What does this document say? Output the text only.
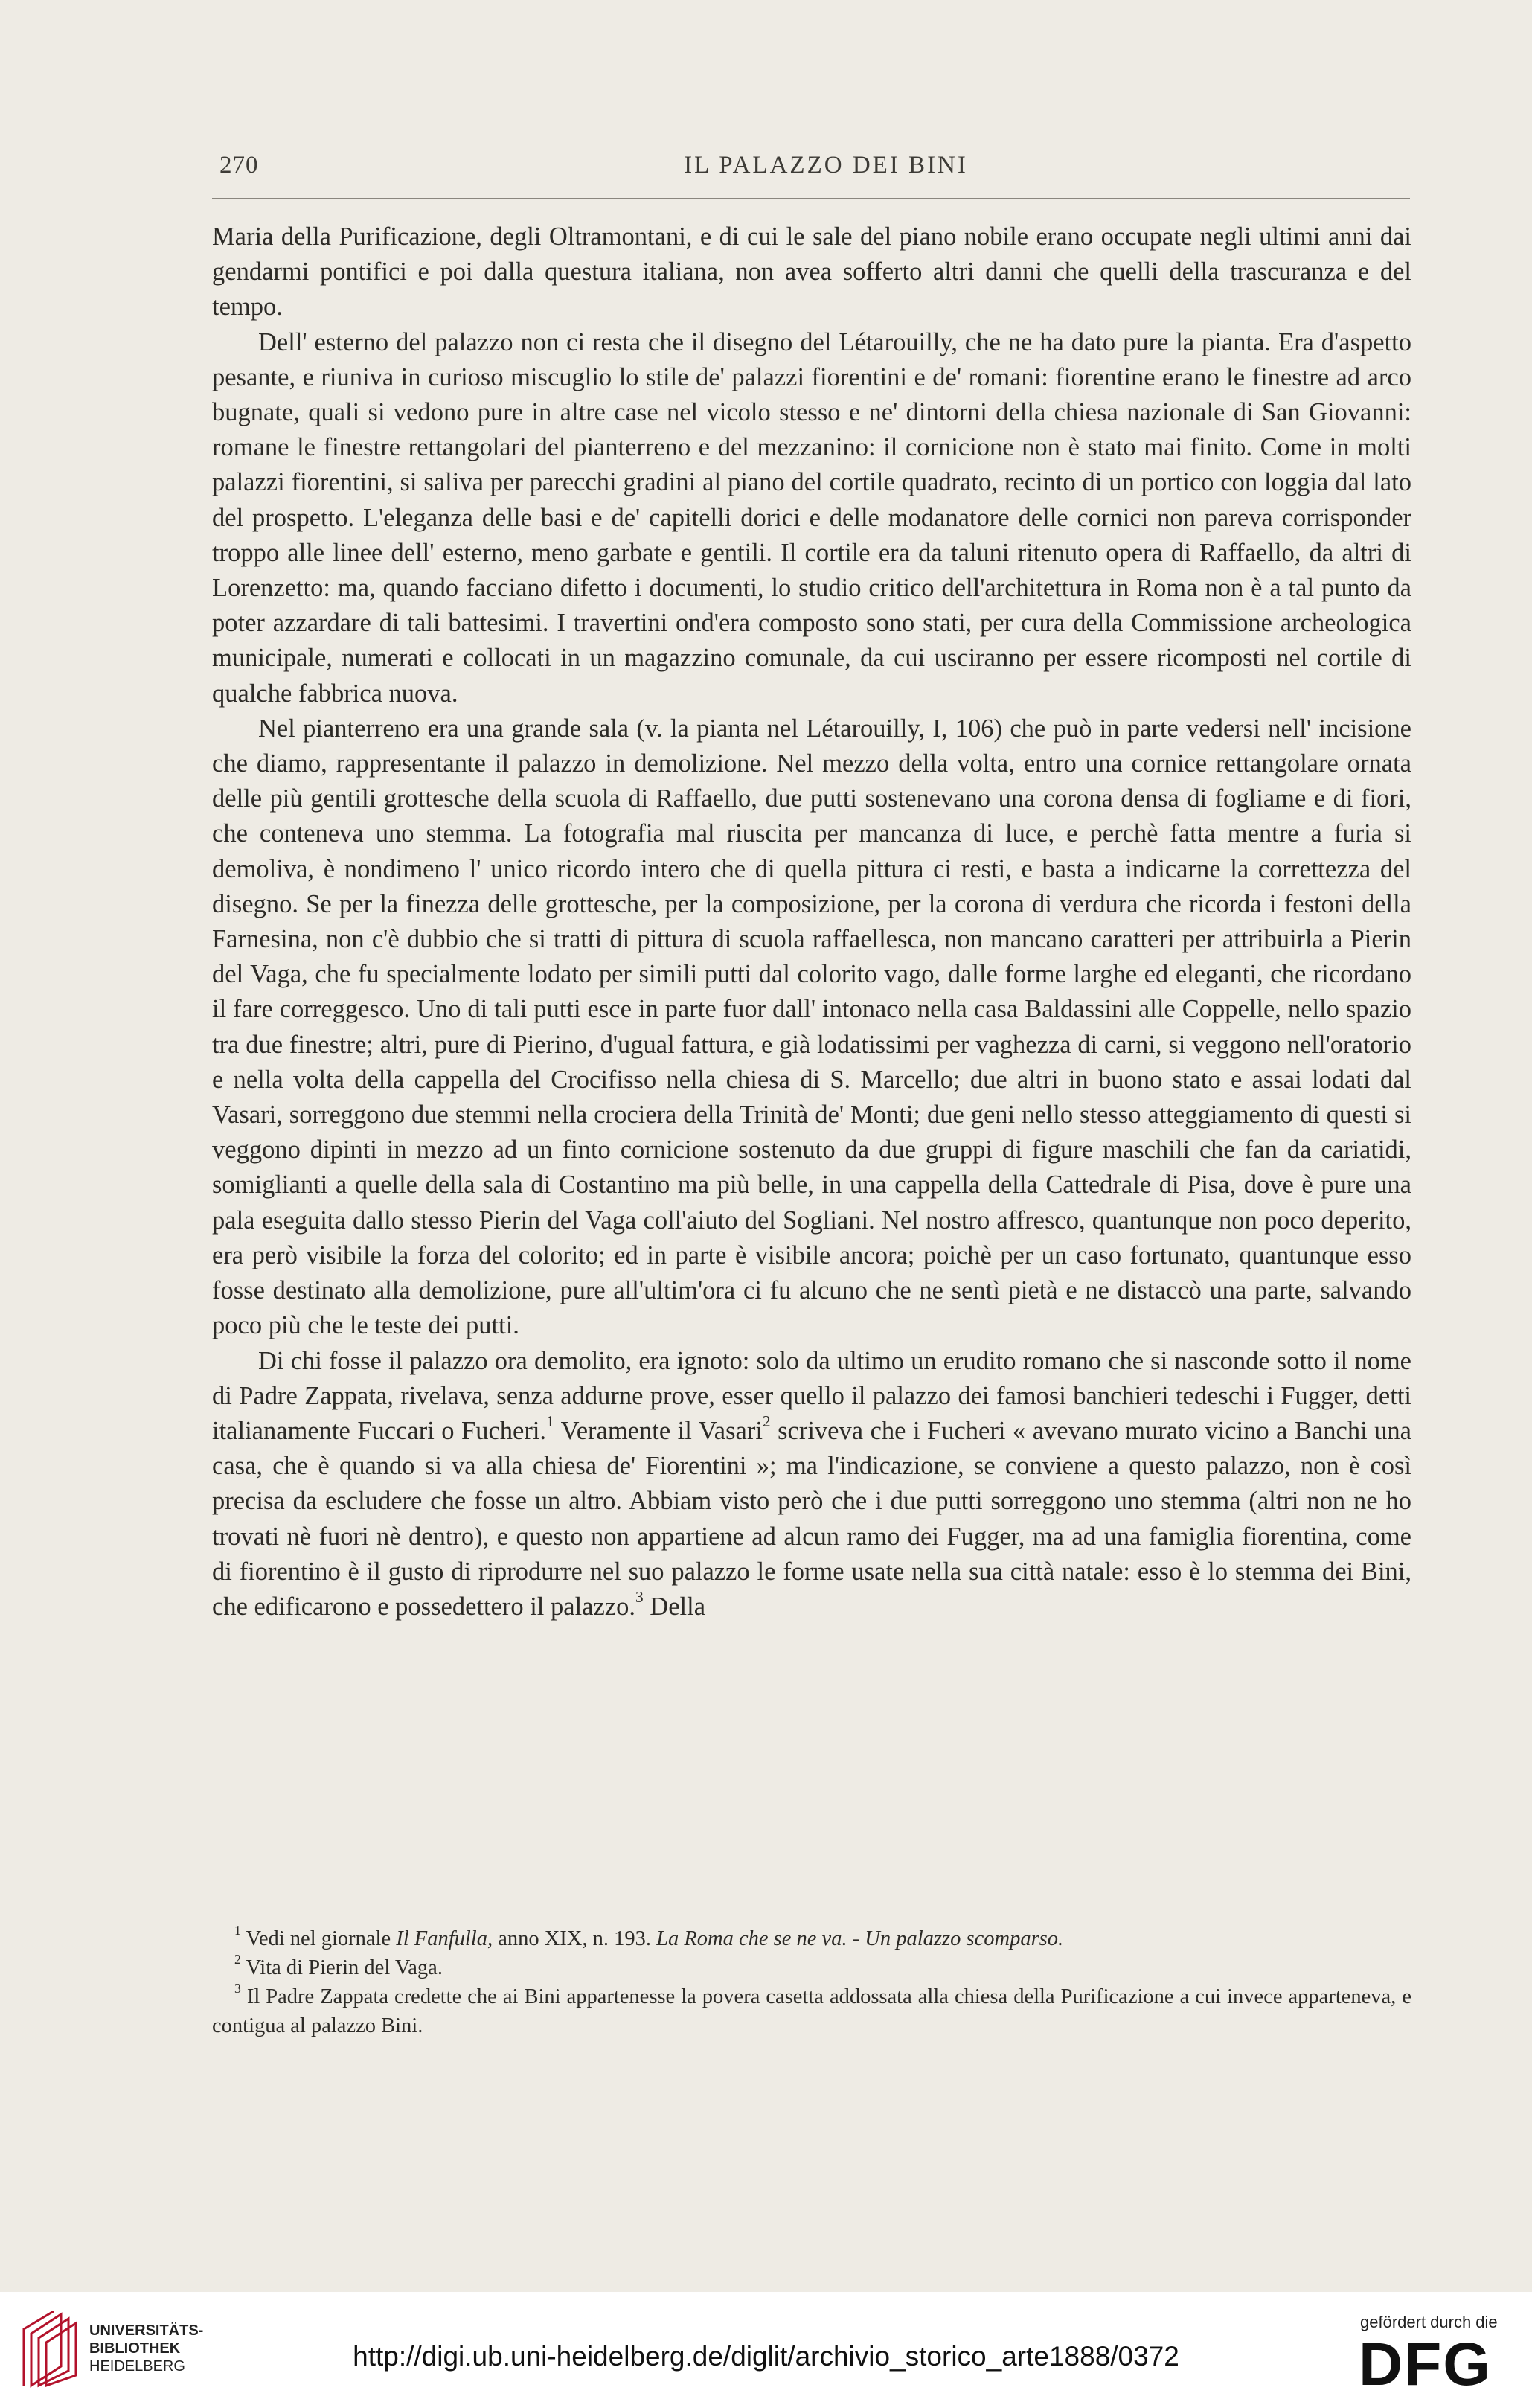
270	IL PALAZZO DEI BINI

Maria della Purificazione, degli Oltramontani, e di cui le sale del piano nobile erano occupate negli ultimi anni dai gendarmi pontifici e poi dalla questura italiana, non avea sofferto altri danni che quelli della trascuranza e del tempo.

Dell' esterno del palazzo non ci resta che il disegno del Létarouilly, che ne ha dato pure la pianta. Era d'aspetto pesante, e riuniva in curioso miscuglio lo stile de' palazzi fiorentini e de' romani: fiorentine erano le finestre ad arco bugnate, quali si vedono pure in altre case nel vicolo stesso e ne' dintorni della chiesa nazionale di San Giovanni: romane le finestre rettangolari del pianterreno e del mezzanino: il cornicione non è stato mai finito. Come in molti palazzi fiorentini, si saliva per parecchi gradini al piano del cortile quadrato, recinto di un portico con loggia dal lato del prospetto. L'eleganza delle basi e de' capitelli dorici e delle modanatore delle cornici non pareva corrisponder troppo alle linee dell' esterno, meno garbate e gentili. Il cortile era da taluni ritenuto opera di Raffaello, da altri di Lorenzetto: ma, quando facciano difetto i documenti, lo studio critico dell'architettura in Roma non è a tal punto da poter azzardare di tali battesimi. I travertini ond'era composto sono stati, per cura della Commissione archeologica municipale, numerati e collocati in un magazzino comunale, da cui usciranno per essere ricomposti nel cortile di qualche fabbrica nuova.

Nel pianterreno era una grande sala (v. la pianta nel Létarouilly, I, 106) che può in parte vedersi nell' incisione che diamo, rappresentante il palazzo in demolizione. Nel mezzo della volta, entro una cornice rettangolare ornata delle più gentili grottesche della scuola di Raffaello, due putti sostenevano una corona densa di fogliame e di fiori, che conteneva uno stemma. La fotografia mal riuscita per mancanza di luce, e perchè fatta mentre a furia si demoliva, è nondimeno l' unico ricordo intero che di quella pittura ci resti, e basta a indicarne la correttezza del disegno. Se per la finezza delle grottesche, per la composizione, per la corona di verdura che ricorda i festoni della Farnesina, non c'è dubbio che si tratti di pittura di scuola raffaellesca, non mancano caratteri per attribuirla a Pierin del Vaga, che fu specialmente lodato per simili putti dal colorito vago, dalle forme larghe ed eleganti, che ricordano il fare correggesco. Uno di tali putti esce in parte fuor dall' intonaco nella casa Baldassini alle Coppelle, nello spazio tra due finestre; altri, pure di Pierino, d'ugual fattura, e già lodatissimi per vaghezza di carni, si veggono nell'oratorio e nella volta della cappella del Crocifisso nella chiesa di S. Marcello; due altri in buono stato e assai lodati dal Vasari, sorreggono due stemmi nella crociera della Trinità de' Monti; due geni nello stesso atteggiamento di questi si veggono dipinti in mezzo ad un finto cornicione sostenuto da due gruppi di figure maschili che fan da cariatidi, somiglianti a quelle della sala di Costantino ma più belle, in una cappella della Cattedrale di Pisa, dove è pure una pala eseguita dallo stesso Pierin del Vaga coll'aiuto del Sogliani. Nel nostro affresco, quantunque non poco deperito, era però visibile la forza del colorito; ed in parte è visibile ancora; poichè per un caso fortunato, quantunque esso fosse destinato alla demolizione, pure all'ultim'ora ci fu alcuno che ne sentì pietà e ne distaccò una parte, salvando poco più che le teste dei putti.

Di chi fosse il palazzo ora demolito, era ignoto: solo da ultimo un erudito romano che si nasconde sotto il nome di Padre Zappata, rivelava, senza addurne prove, esser quello il palazzo dei famosi banchieri tedeschi i Fugger, detti italianamente Fuccari o Fucheri.$^1$ Veramente il Vasari$^2$ scriveva che i Fucheri « avevano murato vicino a Banchi una casa, che è quando si va alla chiesa de' Fiorentini »; ma l'indicazione, se conviene a questo palazzo, non è così precisa da escludere che fosse un altro. Abbiam visto però che i due putti sorreggono uno stemma (altri non ne ho trovati nè fuori nè dentro), e questo non appartiene ad alcun ramo dei Fugger, ma ad una famiglia fiorentina, come di fiorentino è il gusto di riprodurre nel suo palazzo le forme usate nella sua città natale: esso è lo stemma dei Bini, che edificarono e possedettero il palazzo.$^3$ Della

$^1$ Vedi nel giornale Il Fanfulla, anno XIX, n. 193. La Roma che se ne va. - Un palazzo scomparso.

$^2$ Vita di Pierin del Vaga.

$^3$ Il Padre Zappata credette che ai Bini appartenesse la povera casetta addossata alla chiesa della Purificazione a cui invece apparteneva, e contigua al palazzo Bini.

UNIVERSITÄTS-
BIBLIOTHEK
HEIDELBERG	http://digi.ub.uni-heidelberg.de/diglit/archivio_storico_arte1888/0372
gefördert durch die
DFG
